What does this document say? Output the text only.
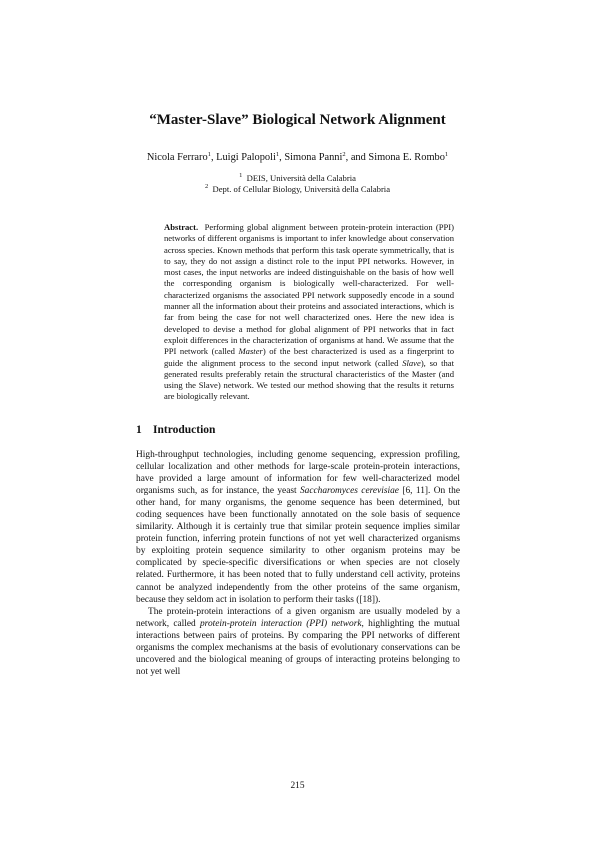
“Master-Slave” Biological Network Alignment
Nicola Ferraro$^1$, Luigi Palopoli$^1$, Simona Panni$^2$, and Simona E. Rombo$^1$
$^1$ DEIS, Università della Calabria
$^2$ Dept. of Cellular Biology, Università della Calabria
Abstract. Performing global alignment between protein-protein interaction (PPI) networks of different organisms is important to infer knowledge about conservation across species. Known methods that perform this task operate symmetrically, that is to say, they do not assign a distinct role to the input PPI networks. However, in most cases, the input networks are indeed distinguishable on the basis of how well the corresponding organism is biologically well-characterized. For well-characterized organisms the associated PPI network supposedly encode in a sound manner all the information about their proteins and associated interactions, which is far from being the case for not well characterized ones. Here the new idea is developed to devise a method for global alignment of PPI networks that in fact exploit differences in the characterization of organisms at hand. We assume that the PPI network (called Master) of the best characterized is used as a fingerprint to guide the alignment process to the second input network (called Slave), so that generated results preferably retain the structural characteristics of the Master (and using the Slave) network. We tested our method showing that the results it returns are biologically relevant.
1 Introduction

High-throughput technologies, including genome sequencing, expression profiling, cellular localization and other methods for large-scale protein-protein interactions, have provided a large amount of information for few well-characterized model organisms such, as for instance, the yeast Saccharomyces cerevisiae [6, 11]. On the other hand, for many organisms, the genome sequence has been determined, but coding sequences have been functionally annotated on the sole basis of sequence similarity. Although it is certainly true that similar protein sequence implies similar protein function, inferring protein functions of not yet well characterized organisms by exploiting protein sequence similarity to other organism proteins may be complicated by specie-specific diversifications or when species are not closely related. Furthermore, it has been noted that to fully understand cell activity, proteins cannot be analyzed independently from the other proteins of the same organism, because they seldom act in isolation to perform their tasks ([18]).

The protein-protein interactions of a given organism are usually modeled by a network, called protein-protein interaction (PPI) network, highlighting the mutual interactions between pairs of proteins. By comparing the PPI networks of different organisms the complex mechanisms at the basis of evolutionary conservations can be uncovered and the biological meaning of groups of interacting proteins belonging to not yet well

215
